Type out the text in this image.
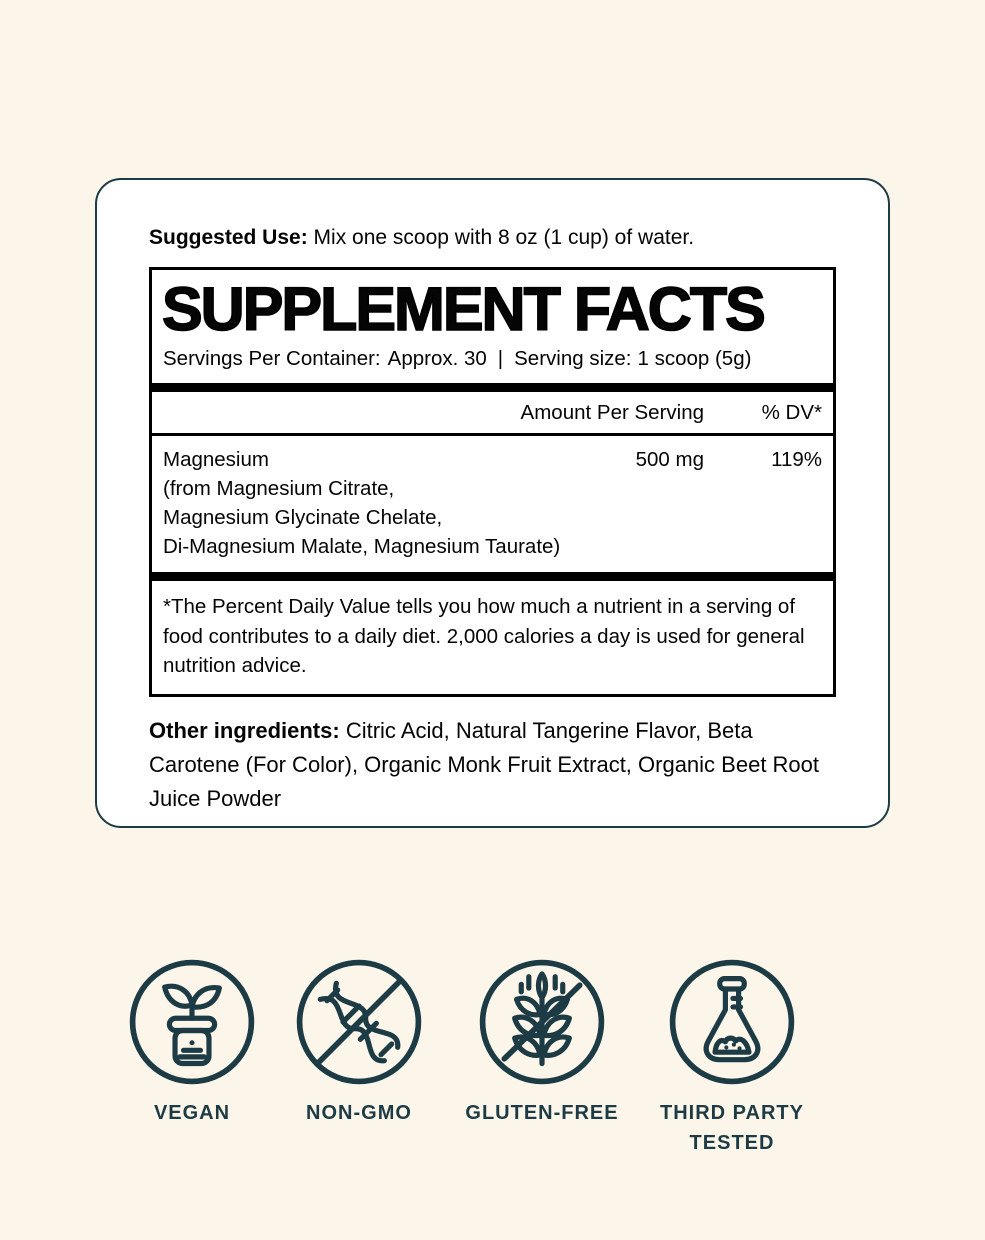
Suggested Use: Mix one scoop with 8 oz (1 cup) of water.

SUPPLEMENT FACTS
Servings Per Container: Approx. 30 | Serving size: 1 scoop (5g)
Amount Per Serving	% DV*
Magnesium	500 mg	119%
(from Magnesium Citrate,
Magnesium Glycinate Chelate,
Di-Magnesium Malate, Magnesium Taurate)
*The Percent Daily Value tells you how much a nutrient in a serving of food contributes to a daily diet. 2,000 calories a day is used for general nutrition advice.

Other ingredients: Citric Acid, Natural Tangerine Flavor, Beta Carotene (For Color), Organic Monk Fruit Extract, Organic Beet Root Juice Powder

VEGAN	NON-GMO	GLUTEN-FREE	THIRD PARTY TESTED
